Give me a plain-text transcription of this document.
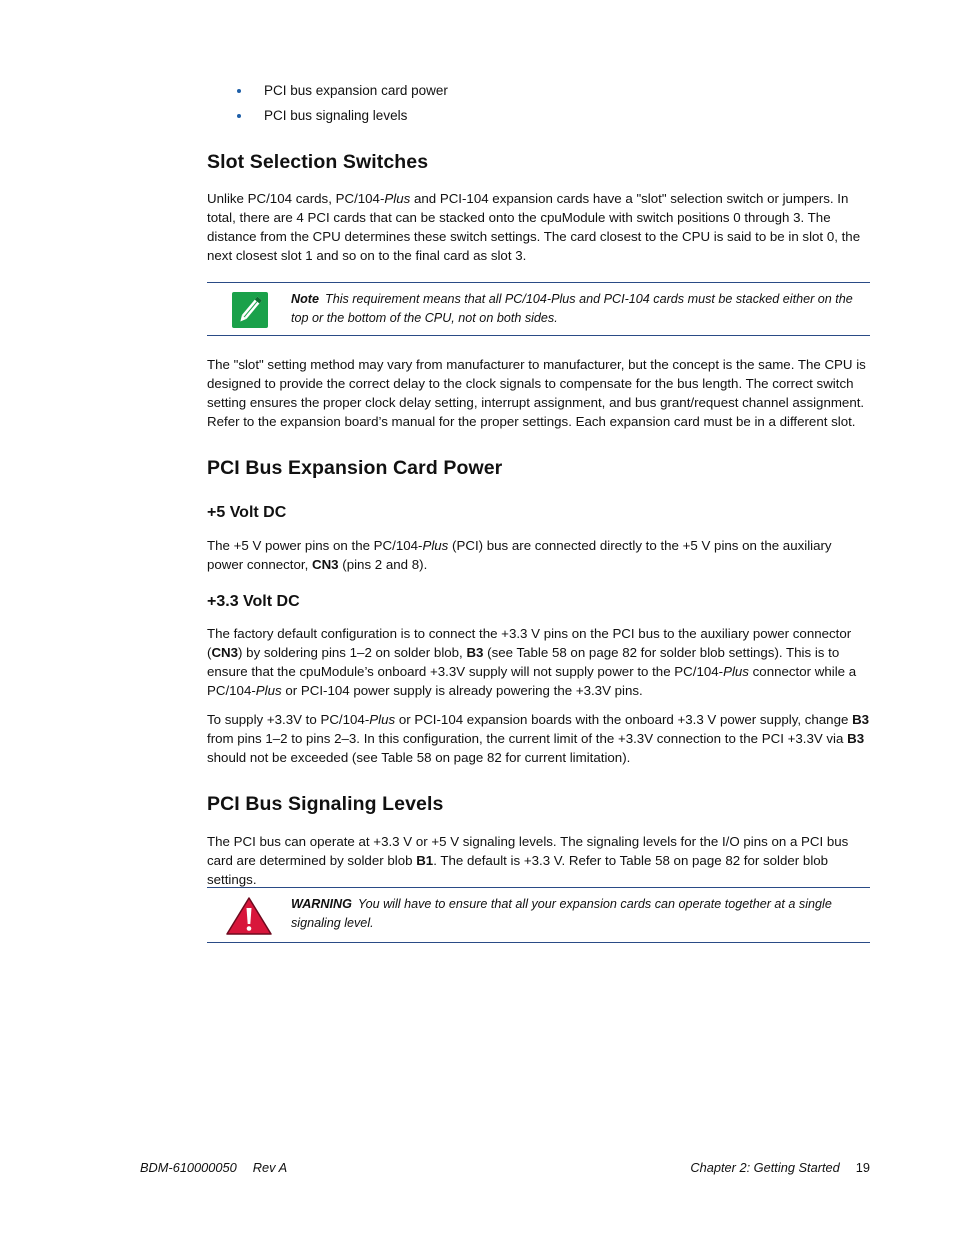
PCI bus expansion card power
PCI bus signaling levels
Slot Selection Switches

Unlike PC/104 cards, PC/104-Plus and PCI-104 expansion cards have a "slot" selection switch or jumpers. In total, there are 4 PCI cards that can be stacked onto the cpuModule with switch positions 0 through 3. The distance from the CPU determines these switch settings. The card closest to the CPU is said to be in slot 0, the next closest slot 1 and so on to the final card as slot 3.

Note This requirement means that all PC/104-Plus and PCI-104 cards must be stacked either on the top or the bottom of the CPU, not on both sides.

The "slot" setting method may vary from manufacturer to manufacturer, but the concept is the same. The CPU is designed to provide the correct delay to the clock signals to compensate for the bus length. The correct switch setting ensures the proper clock delay setting, interrupt assignment, and bus grant/request channel assignment. Refer to the expansion board’s manual for the proper settings. Each expansion card must be in a different slot.

PCI Bus Expansion Card Power
+5 Volt DC

The +5 V power pins on the PC/104-Plus (PCI) bus are connected directly to the +5 V pins on the auxiliary power connector, CN3 (pins 2 and 8).

+3.3 Volt DC

The factory default configuration is to connect the +3.3 V pins on the PCI bus to the auxiliary power connector (CN3) by soldering pins 1–2 on solder blob, B3 (see Table 58 on page 82 for solder blob settings). This is to ensure that the cpuModule’s onboard +3.3V supply will not supply power to the PC/104-Plus connector while a PC/104-Plus or PCI-104 power supply is already powering the +3.3V pins.

To supply +3.3V to PC/104-Plus or PCI-104 expansion boards with the onboard +3.3 V power supply, change B3 from pins 1–2 to pins 2–3. In this configuration, the current limit of the +3.3V connection to the PCI +3.3V via B3 should not be exceeded (see Table 58 on page 82 for current limitation).

PCI Bus Signaling Levels

The PCI bus can operate at +3.3 V or +5 V signaling levels. The signaling levels for the I/O pins on a PCI bus card are determined by solder blob B1. The default is +3.3 V. Refer to Table 58 on page 82 for solder blob settings.

WARNING You will have to ensure that all your expansion cards can operate together at a single signaling level.
BDM-610000050 Rev A	Chapter 2: Getting Started 19
